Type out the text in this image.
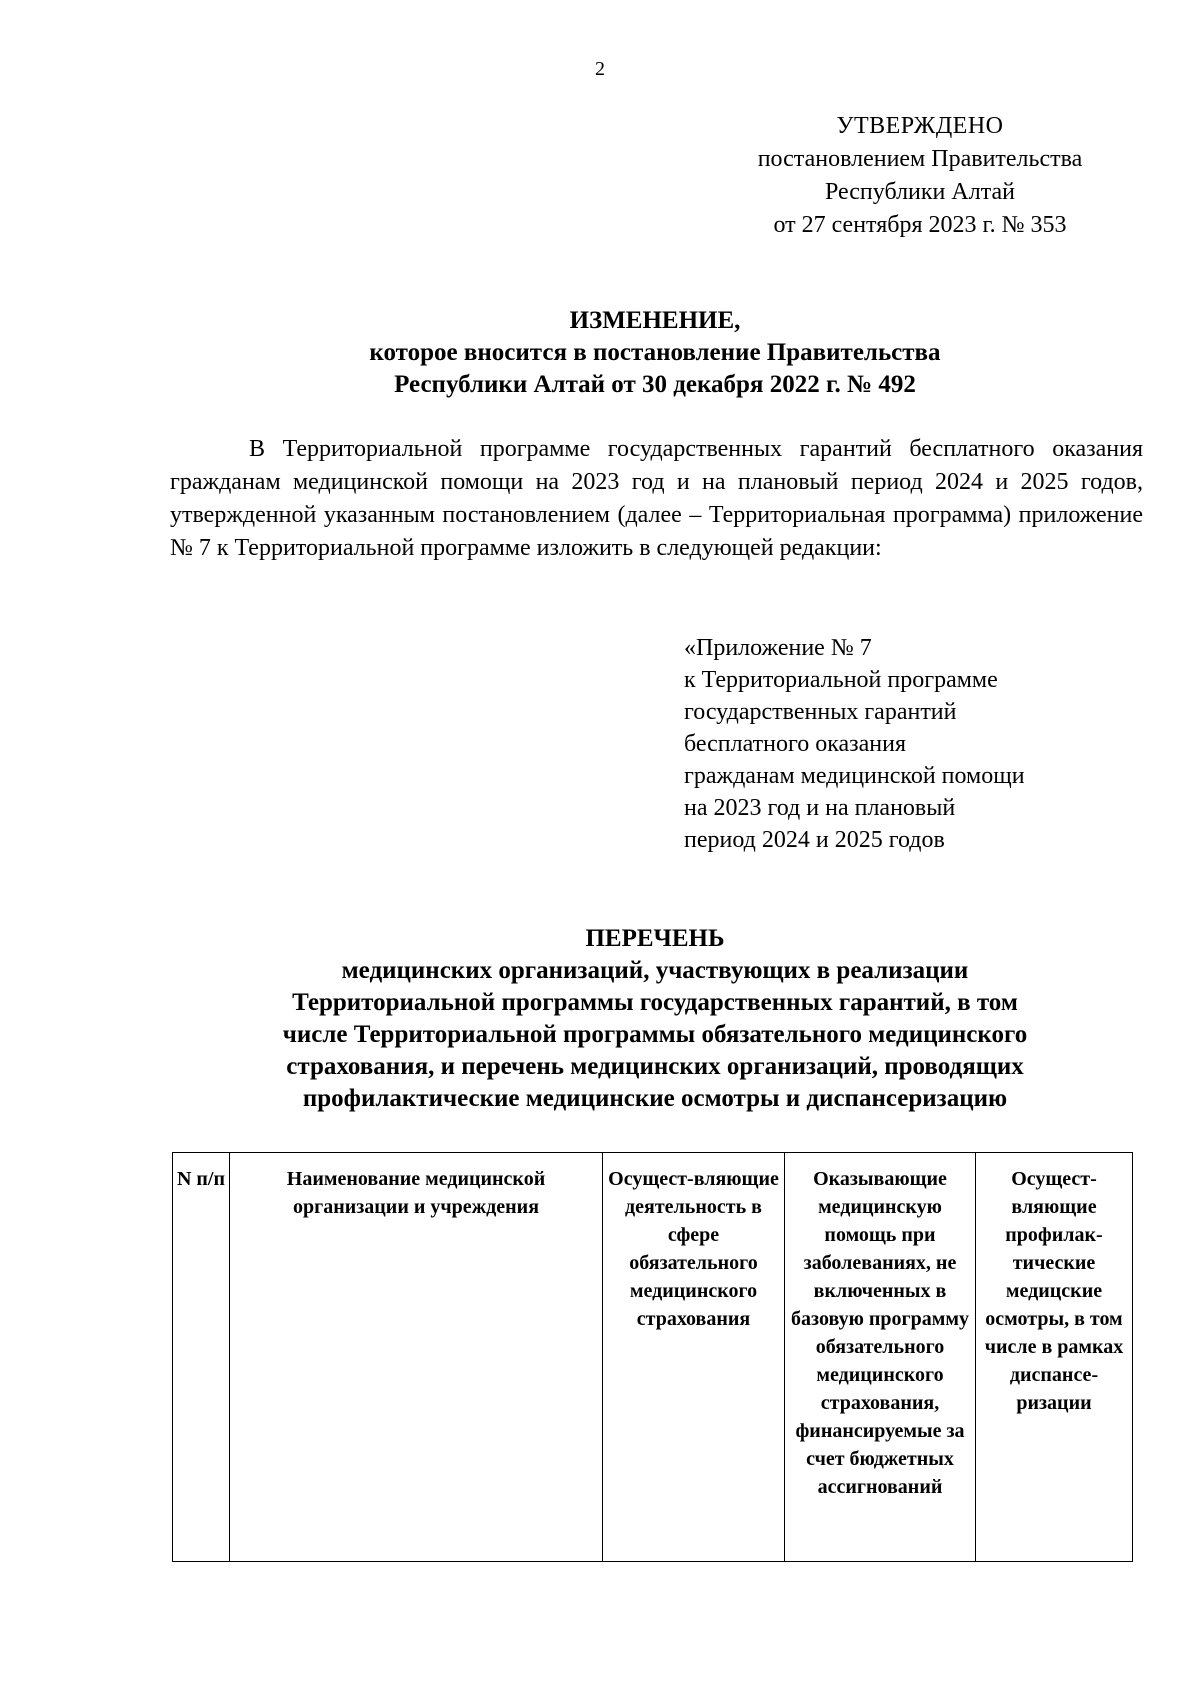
2
УТВЕРЖДЕНО
постановлением Правительства
Республики Алтай
от 27 сентября 2023 г. № 353
ИЗМЕНЕНИЕ,
которое вносится в постановление Правительства
Республики Алтай от 30 декабря 2022 г. № 492

В Территориальной программе государственных гарантий бесплатного оказания гражданам медицинской помощи на 2023 год и на плановый период 2024 и 2025 годов, утвержденной указанным постановлением (далее – Территориальная программа) приложение № 7 к Территориальной программе изложить в следующей редакции:

«Приложение № 7
к Территориальной программе
государственных гарантий
бесплатного оказания
гражданам медицинской помощи
на 2023 год и на плановый
период 2024 и 2025 годов
ПЕРЕЧЕНЬ
медицинских организаций, участвующих в реализации
Территориальной программы государственных гарантий, в том
числе Территориальной программы обязательного медицинского
страхования, и перечень медицинских организаций, проводящих
профилактические медицинские осмотры и диспансеризацию
N п/п	Наименование медицинской организации и учреждения	Осущест-вляющие деятельность в сфере обязательного медицинского страхования	Оказывающие медицинскую помощь при заболеваниях, не включенных в базовую программу обязательного медицинского страхования, финансируемые за счет бюджетных ассигнований	Осущест-вляющие профилак-тические медицские осмотры, в том числе в рамках диспансе-ризации
